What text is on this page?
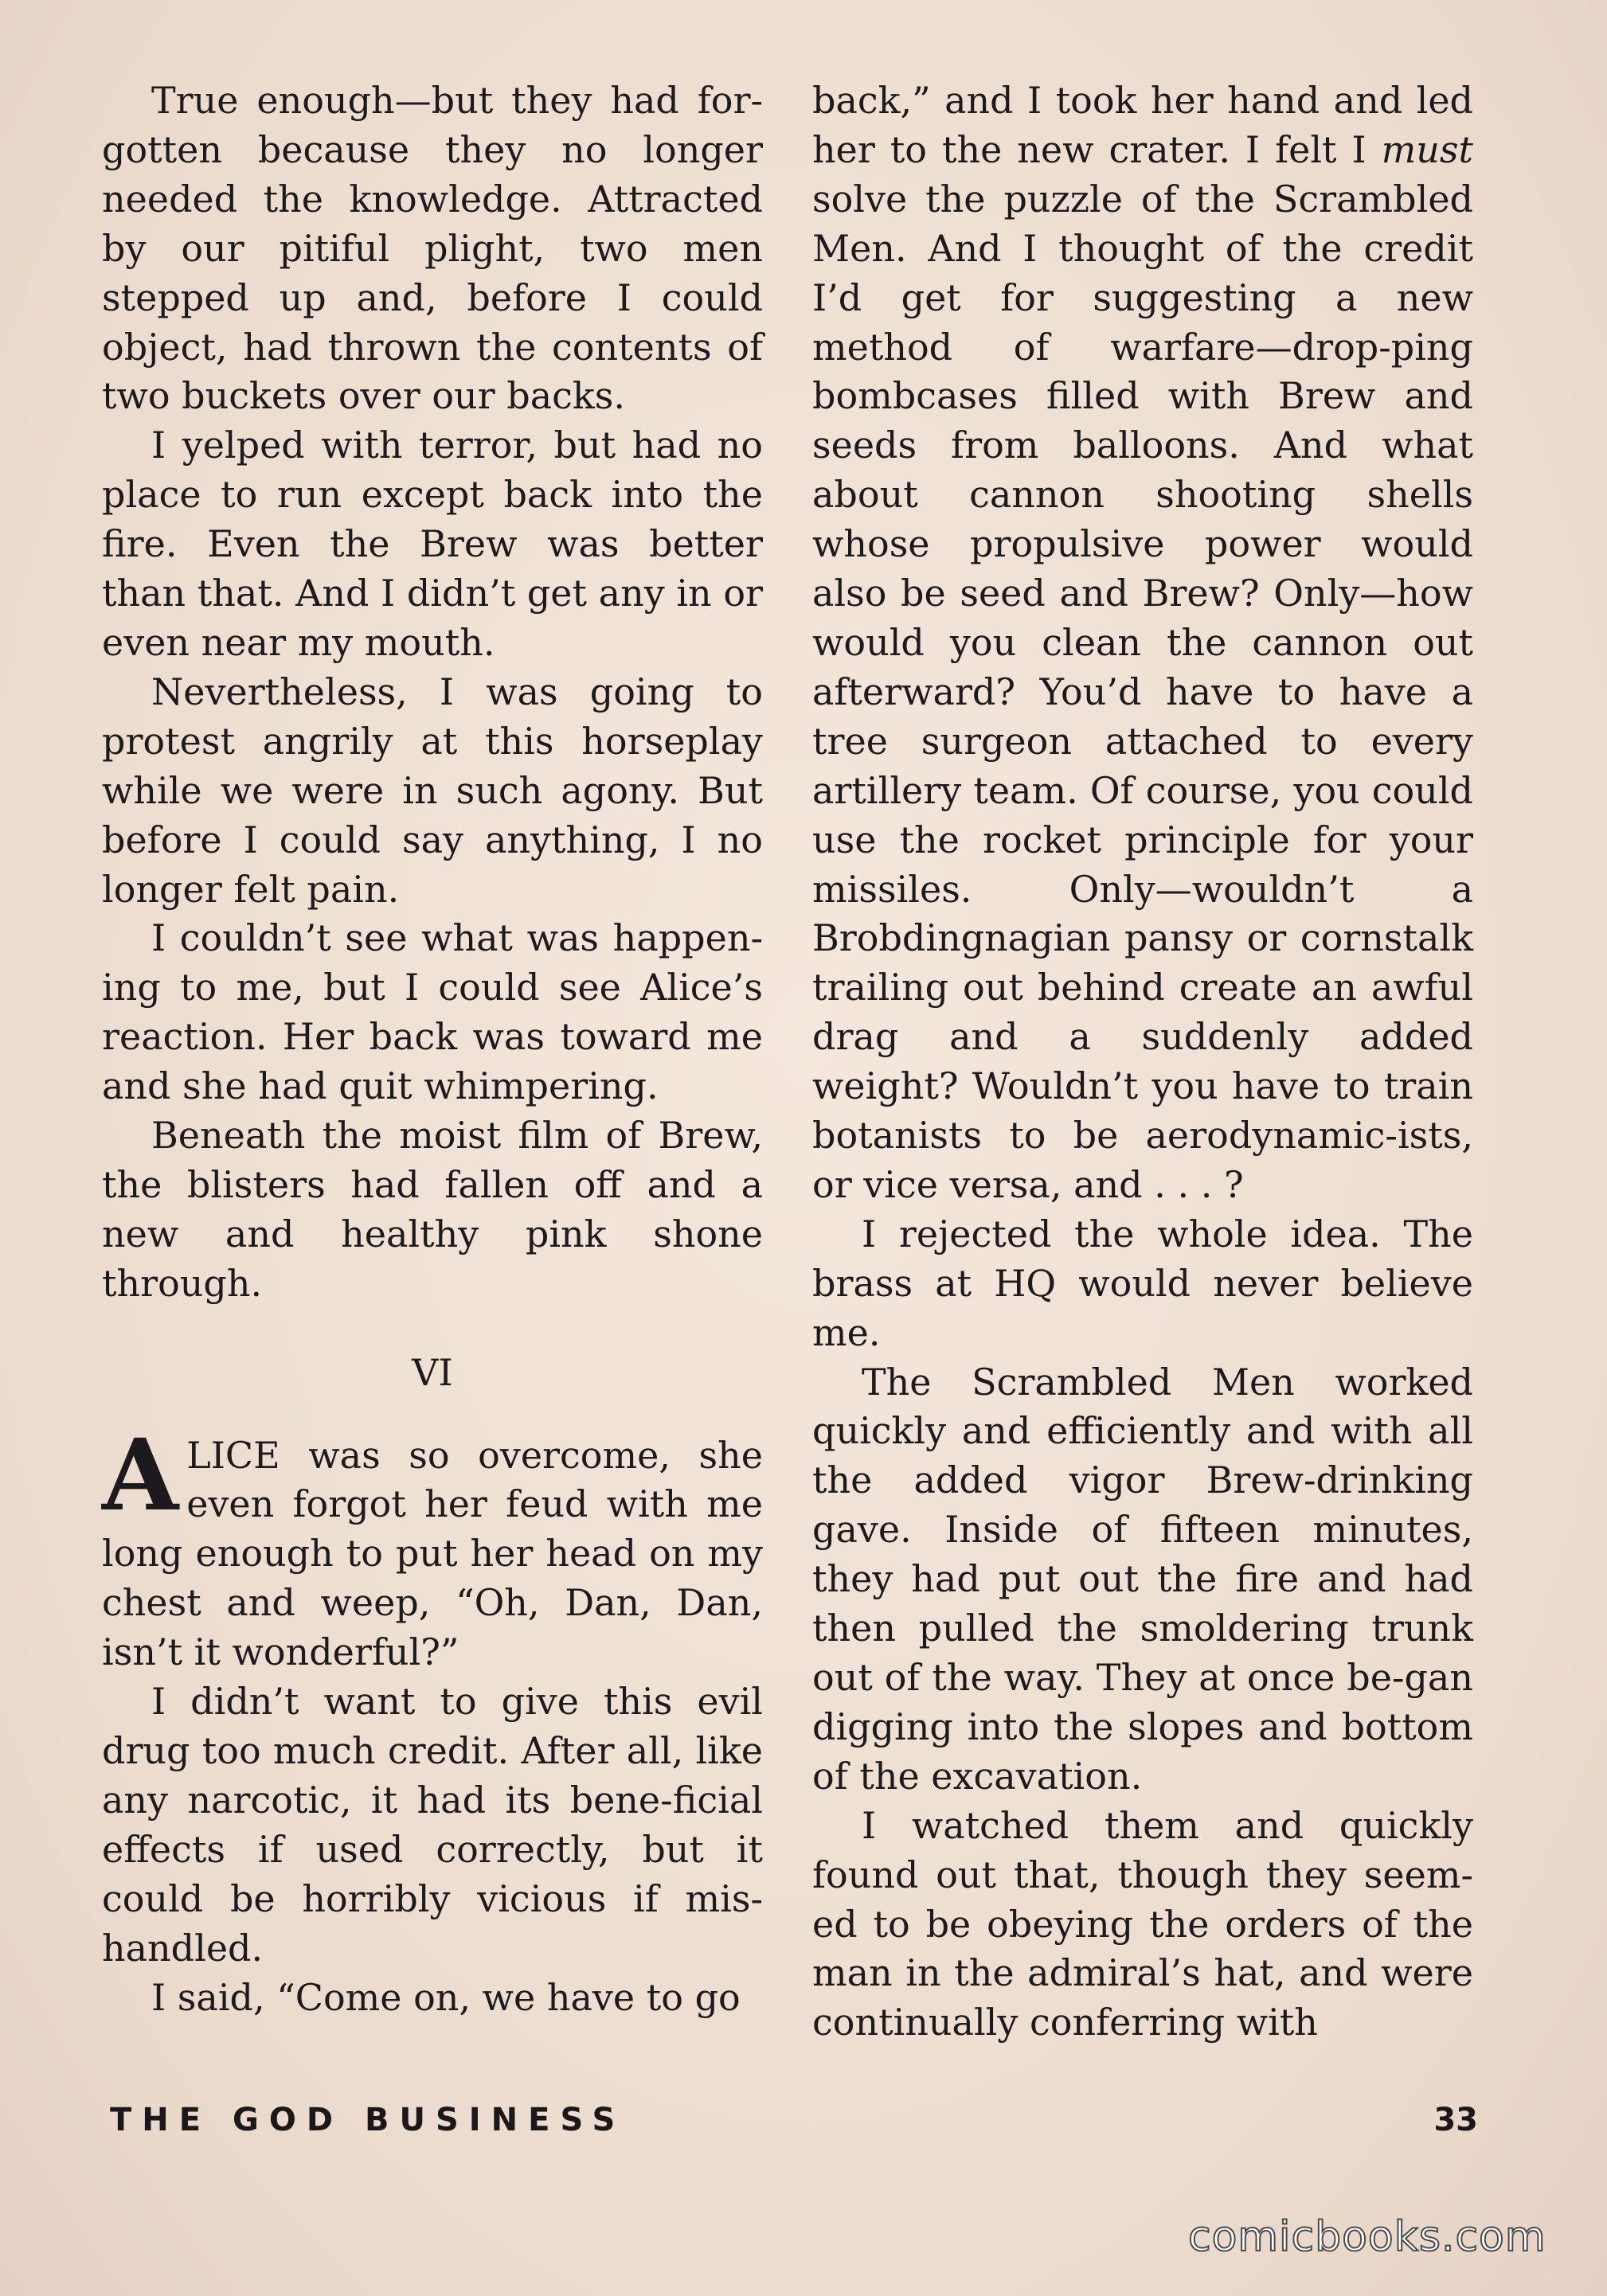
True enough—but they had for-gotten because they no longer needed the knowledge. Attracted by our pitiful plight, two men stepped up and, before I could object, had thrown the contents of two buckets over our backs.

I yelped with terror, but had no place to run except back into the fire. Even the Brew was better than that. And I didn’t get any in or even near my mouth.

Nevertheless, I was going to protest angrily at this horseplay while we were in such agony. But before I could say anything, I no longer felt pain.

I couldn’t see what was happen-ing to me, but I could see Alice’s reaction. Her back was toward me and she had quit whimpering.

Beneath the moist film of Brew, the blisters had fallen off and a new and healthy pink shone through.

VI

ALICE was so overcome, she even forgot her feud with me long enough to put her head on my chest and weep, “Oh, Dan, Dan, isn’t it wonderful?”

I didn’t want to give this evil drug too much credit. After all, like any narcotic, it had its bene-ficial effects if used correctly, but it could be horribly vicious if mis-handled.

I said, “Come on, we have to go

back,” and I took her hand and led her to the new crater. I felt I must solve the puzzle of the Scrambled Men. And I thought of the credit I’d get for suggesting a new method of warfare—drop-ping bombcases filled with Brew and seeds from balloons. And what about cannon shooting shells whose propulsive power would also be seed and Brew? Only—how would you clean the cannon out afterward? You’d have to have a tree surgeon attached to every artillery team. Of course, you could use the rocket principle for your missiles. Only—wouldn’t a Brobdingnagian pansy or cornstalk trailing out behind create an awful drag and a suddenly added weight? Wouldn’t you have to train botanists to be aerodynamic-ists, or vice versa, and . . . ?

I rejected the whole idea. The brass at HQ would never believe me.

The Scrambled Men worked quickly and efficiently and with all the added vigor Brew-drinking gave. Inside of fifteen minutes, they had put out the fire and had then pulled the smoldering trunk out of the way. They at once be-gan digging into the slopes and bottom of the excavation.

I watched them and quickly found out that, though they seem-ed to be obeying the orders of the man in the admiral’s hat, and were continually conferring with

THE GOD BUSINESS	33
comicbooks.com
